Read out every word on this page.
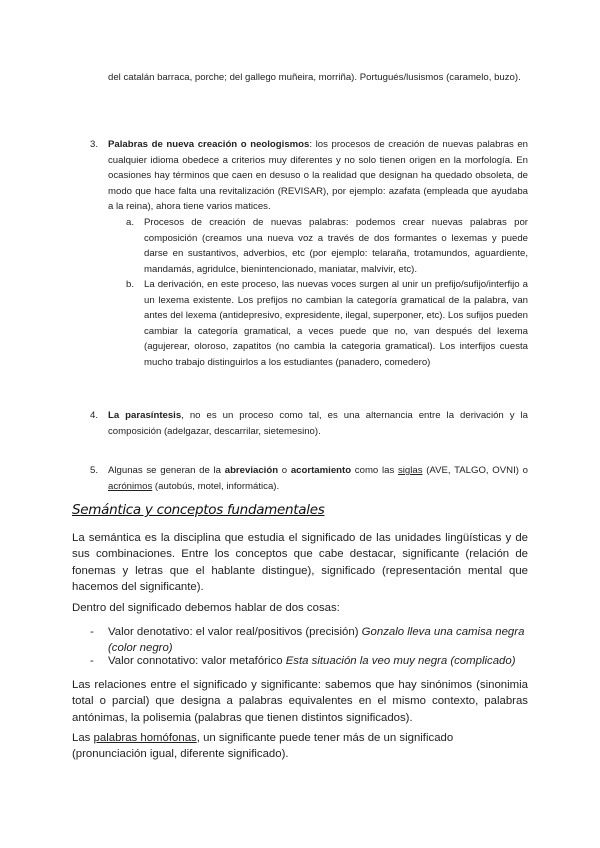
del catalán barraca, porche; del gallego muñeira, morriña). Portugués/lusismos (caramelo, buzo).
3. Palabras de nueva creación o neologismos: los procesos de creación de nuevas palabras en cualquier idioma obedece a criterios muy diferentes y no solo tienen origen en la morfología. En ocasiones hay términos que caen en desuso o la realidad que designan ha quedado obsoleta, de modo que hace falta una revitalización (REVISAR), por ejemplo: azafata (empleada que ayudaba a la reina), ahora tiene varios matices.
a. Procesos de creación de nuevas palabras: podemos crear nuevas palabras por composición (creamos una nueva voz a través de dos formantes o lexemas y puede darse en sustantivos, adverbios, etc (por ejemplo: telaraña, trotamundos, aguardiente, mandamás, agridulce, bienintencionado, maniatar, malvivir, etc).
b. La derivación, en este proceso, las nuevas voces surgen al unir un prefijo/sufijo/interfijo a un lexema existente. Los prefijos no cambian la categoría gramatical de la palabra, van antes del lexema (antidepresivo, expresidente, ilegal, superponer, etc). Los sufijos pueden cambiar la categoría gramatical, a veces puede que no, van después del lexema (agujerear, oloroso, zapatitos (no cambia la categoria gramatical). Los interfijos cuesta mucho trabajo distinguirlos a los estudiantes (panadero, comedero)
4. La parasíntesis, no es un proceso como tal, es una alternancia entre la derivación y la composición (adelgazar, descarrilar, sietemesino).
5. Algunas se generan de la abreviación o acortamiento como las siglas (AVE, TALGO, OVNI) o acrónimos (autobús, motel, informática).
Semántica y conceptos fundamentales
La semántica es la disciplina que estudia el significado de las unidades lingüísticas y de sus combinaciones. Entre los conceptos que cabe destacar, significante (relación de fonemas y letras que el hablante distingue), significado (representación mental que hacemos del significante).
Dentro del significado debemos hablar de dos cosas:
- Valor denotativo: el valor real/positivos (precisión) Gonzalo lleva una camisa negra (color negro)
- Valor connotativo: valor metafórico Esta situación la veo muy negra (complicado)
Las relaciones entre el significado y significante: sabemos que hay sinónimos (sinonimia total o parcial) que designa a palabras equivalentes en el mismo contexto, palabras antónimas, la polisemia (palabras que tienen distintos significados).
Las palabras homófonas, un significante puede tener más de un significado (pronunciación igual, diferente significado).
